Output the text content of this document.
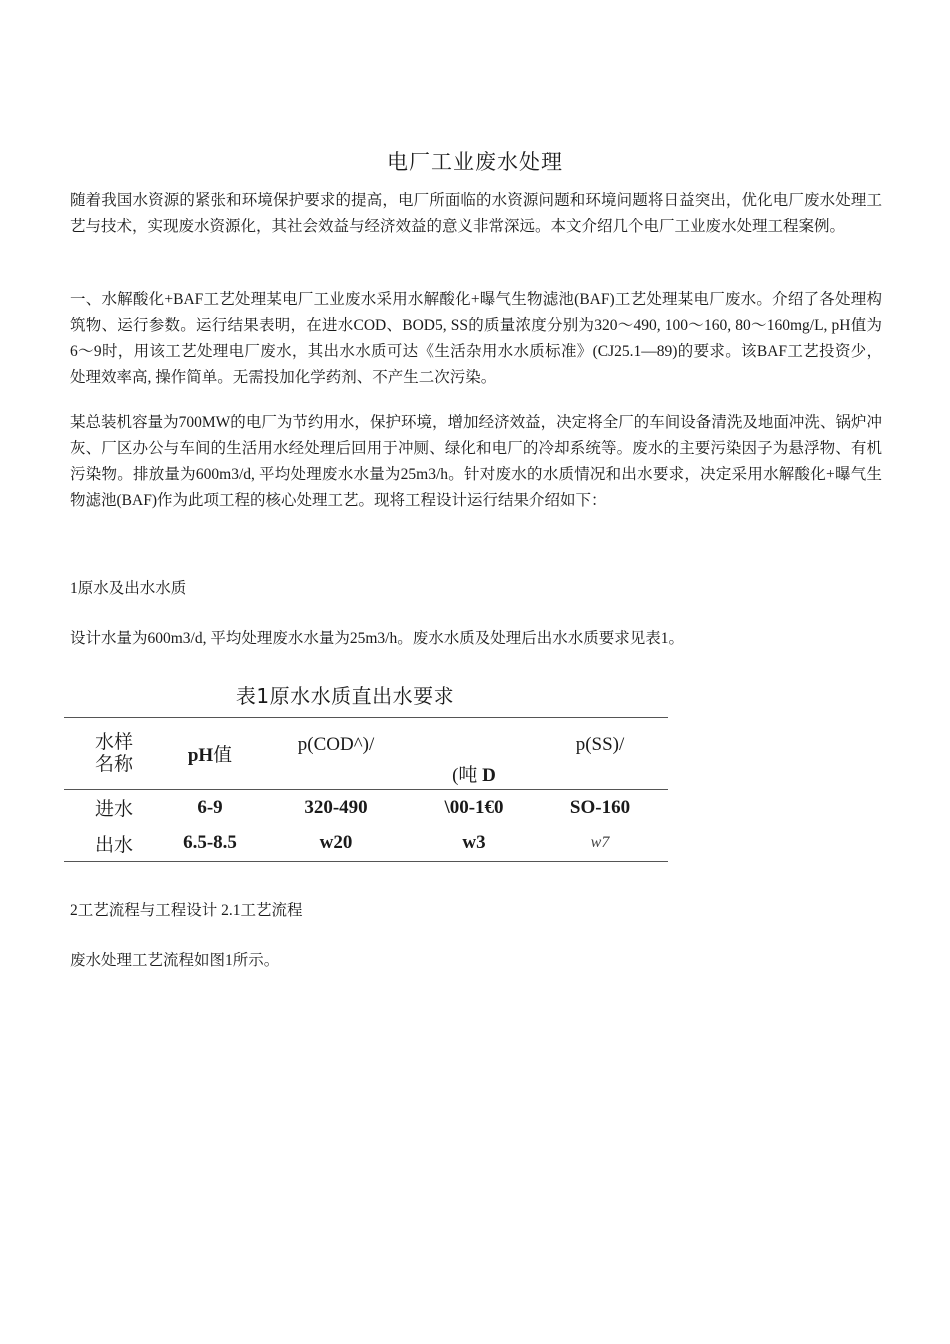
电厂工业废水处理

随着我国水资源的紧张和环境保护要求的提高，电厂所面临的水资源问题和环境问题将日益突出，优化电厂废水处理工艺与技术，实现废水资源化，其社会效益与经济效益的意义非常深远。本文介绍几个电厂工业废水处理工程案例。

一、水解酸化+BAF工艺处理某电厂工业废水采用水解酸化+曝气生物滤池(BAF)工艺处理某电厂废水。介绍了各处理构筑物、运行参数。运行结果表明，在进水COD、BOD5, SS的质量浓度分别为320〜490, 100〜160, 80〜160mg/L, pH值为6〜9时，用该工艺处理电厂废水，其出水水质可达《生活杂用水水质标准》(CJ25.1—89)的要求。该BAF工艺投资少，处理效率高, 操作简单。无需投加化学药剂、不产生二次污染。

某总装机容量为700MW的电厂为节约用水，保护环境，增加经济效益，决定将全厂的车间设备清洗及地面冲洗、锅炉冲灰、厂区办公与车间的生活用水经处理后回用于冲厕、绿化和电厂的冷却系统等。废水的主要污染因子为悬浮物、有机污染物。排放量为600m3/d, 平均处理废水水量为25m3/h。针对废水的水质情况和出水要求，决定采用水解酸化+曝气生物滤池(BAF)作为此项工程的核心处理工艺。现将工程设计运行结果介绍如下：

1原水及出水水质

设计水量为600m3/d, 平均处理废水水量为25m3/h。废水水质及处理后出水水质要求见表1。

表1原水水质直出水要求
水样
名称	pH值	p(COD^)/	(吨 D	p(SS)/
进水	6-9	320-490	\00-1€0	SO-160
出水	6.5-8.5	w20	w3	w7

2工艺流程与工程设计 2.1工艺流程

废水处理工艺流程如图1所示。
